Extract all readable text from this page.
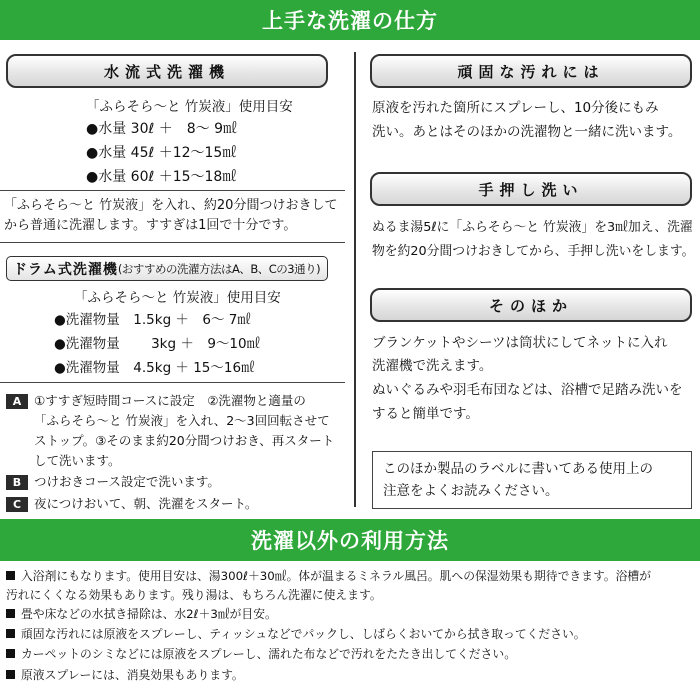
上手な洗濯の仕方
水流式洗濯機
「ふらそら〜と 竹炭液」使用目安
●水量 30ℓ ＋　8〜 9㎖
●水量 45ℓ ＋12〜15㎖
●水量 60ℓ ＋15〜18㎖
「ふらそら〜と 竹炭液」を入れ、約20分間つけおきして
から普通に洗濯します。すすぎは1回で十分です。
ドラム式洗濯機 (おすすめの洗濯方法はA、B、Cの3通り)
「ふらそら〜と 竹炭液」使用目安
●洗濯物量　1.5kg ＋　6〜 7㎖
●洗濯物量　 　3kg ＋　9〜10㎖
●洗濯物量　4.5kg ＋ 15〜16㎖
A	①すすぎ短時間コースに設定　②洗濯物と適量の
「ふらそら〜と 竹炭液」を入れ、2〜3回回転させて
ストップ。③そのまま約20分間つけおき、再スタート
して洗います。
B	つけおきコース設定で洗います。
C	夜につけおいて、朝、洗濯をスタート。
頑固な汚れには
原液を汚れた箇所にスプレーし、10分後にもみ
洗い。あとはそのほかの洗濯物と一緒に洗います。
手押し洗い
ぬるま湯5ℓに「ふらそら〜と 竹炭液」を3㎖加え、洗濯
物を約20分間つけおきしてから、手押し洗いをします。
そのほか
ブランケットやシーツは筒状にしてネットに入れ
洗濯機で洗えます。
ぬいぐるみや羽毛布団などは、浴槽で足踏み洗いを
すると簡単です。
このほか製品のラベルに書いてある使用上の
注意をよくお読みください。
洗濯以外の利用方法
入浴剤にもなります。使用目安は、湯300ℓ＋30㎖。体が温まるミネラル風呂。肌への保湿効果も期待できます。浴槽が
汚れにくくなる効果もあります。残り湯は、もちろん洗濯に使えます。
畳や床などの水拭き掃除は、水2ℓ＋3㎖が目安。
頑固な汚れには原液をスプレーし、ティッシュなどでパックし、しばらくおいてから拭き取ってください。
カーペットのシミなどには原液をスプレーし、濡れた布などで汚れをたたき出してください。
原液スプレーには、消臭効果もあります。
